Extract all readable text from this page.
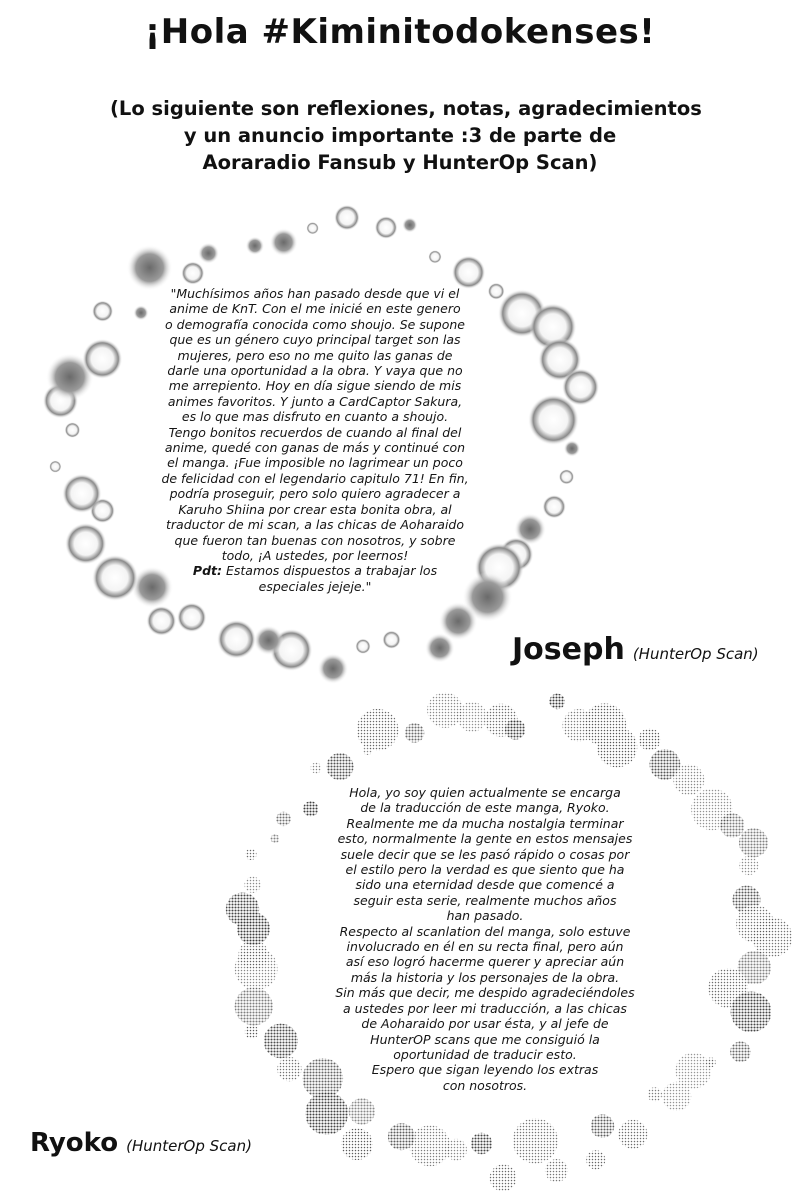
¡Hola #Kiminitodokenses!
(Lo siguiente son reflexiones, notas, agradecimientos
y un anuncio importante :3 de parte de
Aoraradio Fansub y HunterOp Scan)
"Muchísimos años han pasado desde que vi el
anime de KnT. Con el me inicié en este genero
o demografía conocida como shoujo. Se supone
que es un género cuyo principal target son las
mujeres, pero eso no me quito las ganas de
darle una oportunidad a la obra. Y vaya que no
me arrepiento. Hoy en día sigue siendo de mis
animes favoritos. Y junto a CardCaptor Sakura,
es lo que mas disfruto en cuanto a shoujo.
Tengo bonitos recuerdos de cuando al final del
anime, quedé con ganas de más y continué con
el manga. ¡Fue imposible no lagrimear un poco
de felicidad con el legendario capitulo 71! En fin,
podría proseguir, pero solo quiero agradecer a
Karuho Shiina por crear esta bonita obra, al
traductor de mi scan, a las chicas de Aoharaido
que fueron tan buenas con nosotros, y sobre
todo, ¡A ustedes, por leernos!
Pdt: Estamos dispuestos a trabajar los
especiales jejeje."
Joseph (HunterOp Scan)
Hola, yo soy quien actualmente se encarga
de la traducción de este manga, Ryoko.
Realmente me da mucha nostalgia terminar
esto, normalmente la gente en estos mensajes
suele decir que se les pasó rápido o cosas por
el estilo pero la verdad es que siento que ha
sido una eternidad desde que comencé a
seguir esta serie, realmente muchos años
han pasado.
Respecto al scanlation del manga, solo estuve
involucrado en él en su recta final, pero aún
así eso logró hacerme querer y apreciar aún
más la historia y los personajes de la obra.
Sin más que decir, me despido agradeciéndoles
a ustedes por leer mi traducción, a las chicas
de Aoharaido por usar ésta, y al jefe de
HunterOP scans que me consiguió la
oportunidad de traducir esto.
Espero que sigan leyendo los extras
con nosotros.
Ryoko (HunterOp Scan)
